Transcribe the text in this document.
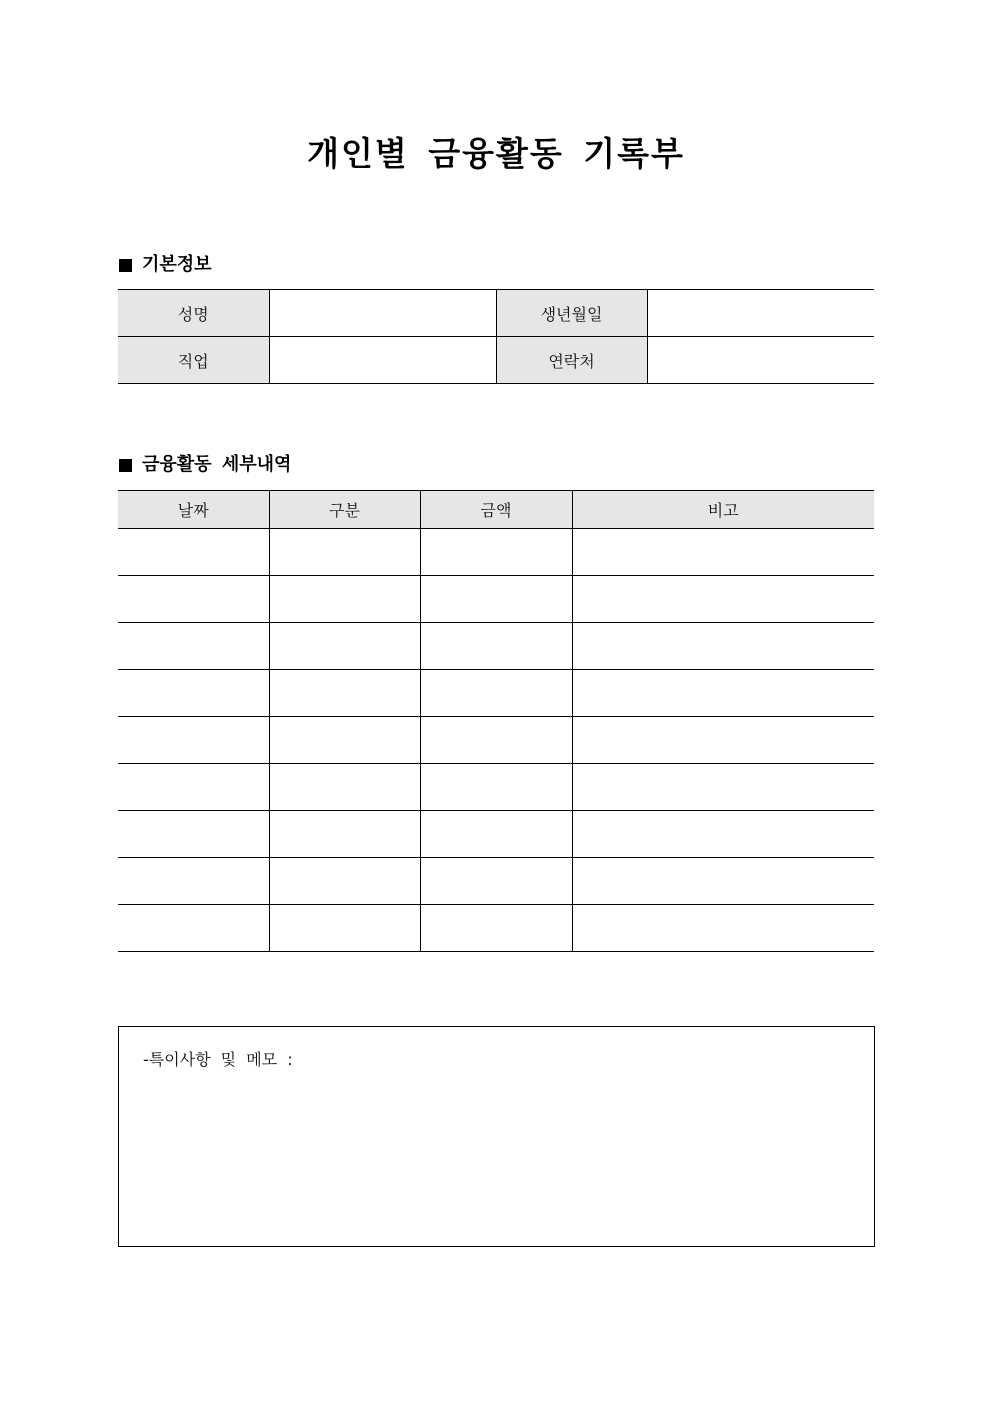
개인별 금융활동 기록부
기본정보
성명		생년월일	
직업		연락처	
금융활동 세부내역
날짜	구분	금액	비고

-특이사항 및 메모 :
